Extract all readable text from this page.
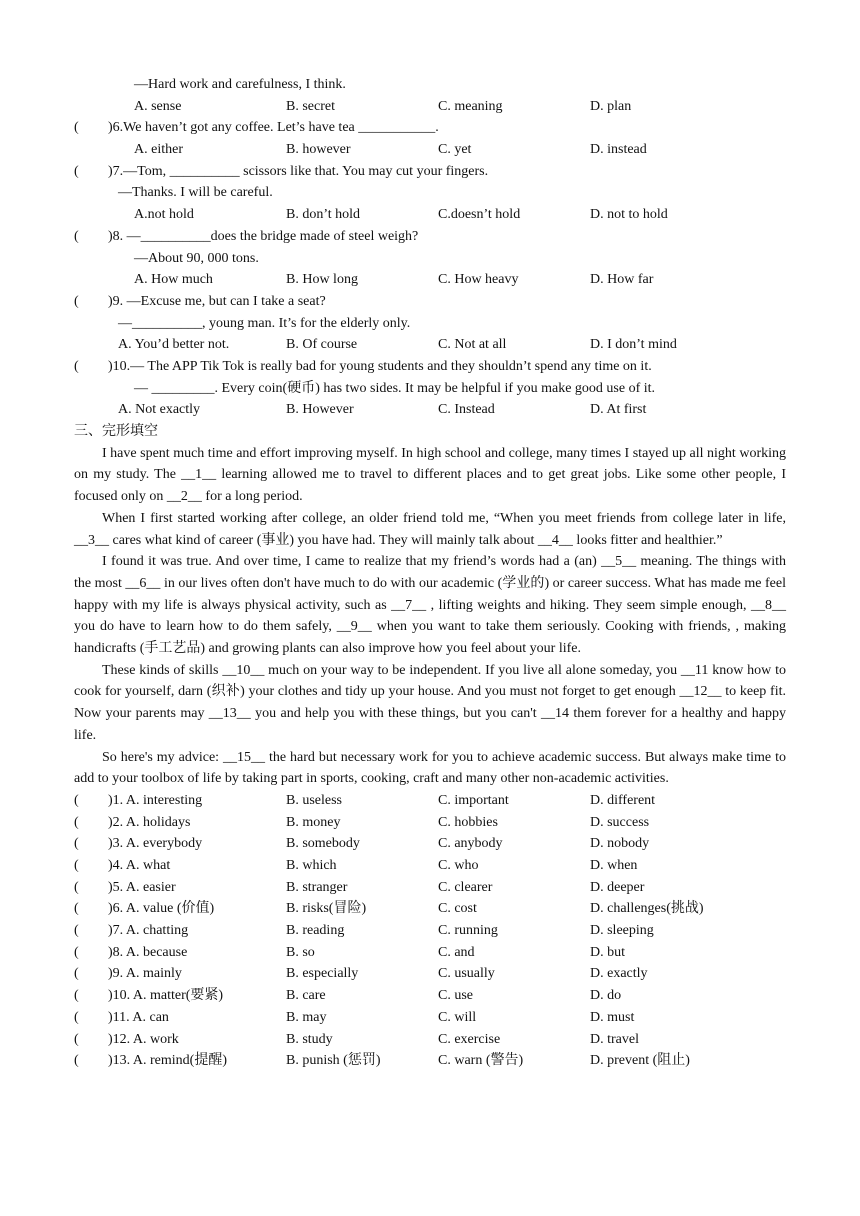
—Hard work and carefulness, I think.
A. sense	B. secret	C. meaning	D. plan
( )6.We haven’t got any coffee. Let’s have tea ___________.
A. either	B. however	C. yet	D. instead
( )7.—Tom, __________ scissors like that. You may cut your fingers.
—Thanks. I will be careful.
A.not hold	B. don’t hold	C.doesn’t hold	D. not to hold
( )8. —__________does the bridge made of steel weigh?
—About 90, 000 tons.
A. How much	B. How long	C. How heavy	D. How far
( )9. —Excuse me, but can I take a seat?
—__________, young man. It’s for the elderly only.
A. You’d better not.	B. Of course	C. Not at all	D. I don’t mind
( )10.— The APP Tik Tok is really bad for young students and they shouldn’t spend any time on it.
— _________. Every coin(硬币) has two sides. It may be helpful if you make good use of it.
A. Not exactly	B. However	C. Instead	D. At first
三、完形填空
I have spent much time and effort improving myself. In high school and college, many times I stayed up all night working on my study. The __1__ learning allowed me to travel to different places and to get great jobs. Like some other people, I focused only on __2__ for a long period.
When I first started working after college, an older friend told me, “When you meet friends from college later in life, __3__ cares what kind of career (事业) you have had. They will mainly talk about __4__ looks fitter and healthier.”
I found it was true. And over time, I came to realize that my friend’s words had a (an) __5__ meaning. The things with the most __6__ in our lives often don't have much to do with our academic (学业的) or career success. What has made me feel happy with my life is always physical activity, such as __7__ , lifting weights and hiking. They seem simple enough, __8__ you do have to learn how to do them safely, __9__ when you want to take them seriously. Cooking with friends, , making handicrafts (手工艺品) and growing plants can also improve how you feel about your life.
These kinds of skills __10__ much on your way to be independent. If you live all alone someday, you __11 know how to cook for yourself, darn (织补) your clothes and tidy up your house. And you must not forget to get enough __12__ to keep fit. Now your parents may __13__ you and help you with these things, but you can't __14 them forever for a healthy and happy life.
So here's my advice: __15__ the hard but necessary work for you to achieve academic success. But always make time to add to your toolbox of life by taking part in sports, cooking, craft and many other non-academic activities.
( )1. A. interesting	B. useless	C. important	D. different
( )2. A. holidays	B. money	C. hobbies	D. success
( )3. A. everybody	B. somebody	C. anybody	D. nobody
( )4. A. what	B. which	C. who	D. when
( )5. A. easier	B. stranger	C. clearer	D. deeper
( )6. A. value (价值)	B. risks(冒险)	C. cost	D. challenges(挑战)
( )7. A. chatting	B. reading	C. running	D. sleeping
( )8. A. because	B. so	C. and	D. but
( )9. A. mainly	B. especially	C. usually	D. exactly
( )10. A. matter(要紧)	B. care	C. use	D. do
( )11. A. can	B. may	C. will	D. must
( )12. A. work	B. study	C. exercise	D. travel
( )13. A. remind(提醒)	B. punish (惩罚)	C. warn (警告)	D. prevent (阻止)
